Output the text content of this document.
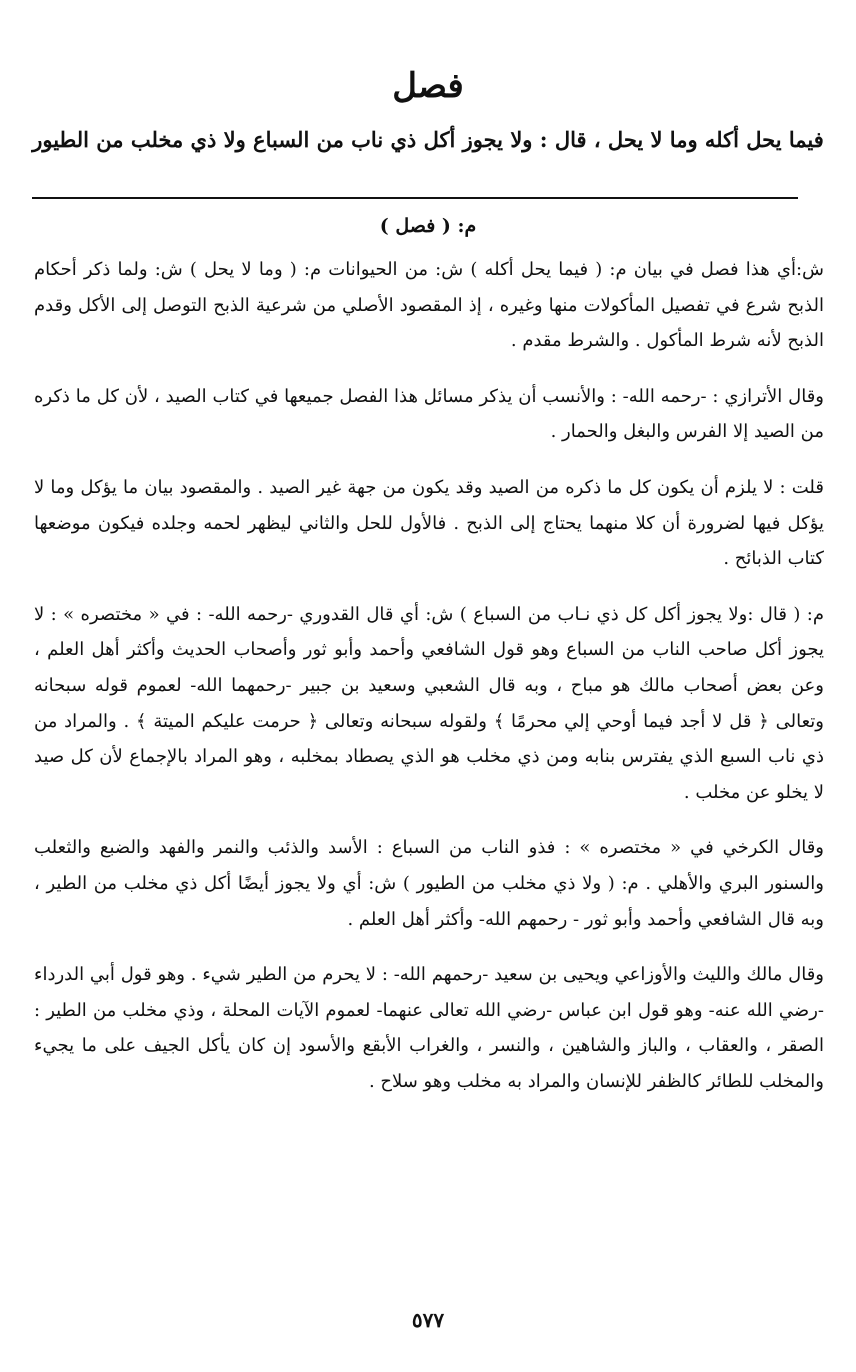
فصل
فيما يحل أكله وما لا يحل ، قال : ولا يجوز أكل ذي ناب من السباع ولا ذي مخلب من الطيور
م: ( فصل )

ش:أي هذا فصل في بيان م: ( فيما يحل أكله ) ش: من الحيوانات م: ( وما لا يحل ) ش: ولما ذكر أحكام الذبح شرع في تفصيل المأكولات منها وغيره ، إذ المقصود الأصلي من شرعية الذبح التوصل إلى الأكل وقدم الذبح لأنه شرط المأكول . والشرط مقدم .

وقال الأترازي : -رحمه الله- : والأنسب أن يذكر مسائل هذا الفصل جميعها في كتاب الصيد ، لأن كل ما ذكره من الصيد إلا الفرس والبغل والحمار .

قلت : لا يلزم أن يكون كل ما ذكره من الصيد وقد يكون من جهة غير الصيد . والمقصود بيان ما يؤكل وما لا يؤكل فيها لضرورة أن كلا منهما يحتاج إلى الذبح . فالأول للحل والثاني ليظهر لحمه وجلده فيكون موضعها كتاب الذبائح .

م: ( قال :ولا يجوز أكل كل ذي نـاب من السباع ) ش: أي قال القدوري -رحمه الله- : في « مختصره » : لا يجوز أكل صاحب الناب من السباع وهو قول الشافعي وأحمد وأبو ثور وأصحاب الحديث وأكثر أهل العلم ، وعن بعض أصحاب مالك هو مباح ، وبه قال الشعبي وسعيد بن جبير -رحمهما الله- لعموم قوله سبحانه وتعالى ﴿ قل لا أجد فيما أوحي إلي محرمًا ﴾ ولقوله سبحانه وتعالى ﴿ حرمت عليكم الميتة ﴾ . والمراد من ذي ناب السبع الذي يفترس بنابه ومن ذي مخلب هو الذي يصطاد بمخلبه ، وهو المراد بالإجماع لأن كل صيد لا يخلو عن مخلب .

وقال الكرخي في « مختصره » : فذو الناب من السباع : الأسد والذئب والنمر والفهد والضبع والثعلب والسنور البري والأهلي . م: ( ولا ذي مخلب من الطيور ) ش: أي ولا يجوز أيضًا أكل ذي مخلب من الطير ، وبه قال الشافعي وأحمد وأبو ثور - رحمهم الله- وأكثر أهل العلم .

وقال مالك والليث والأوزاعي ويحيى بن سعيد -رحمهم الله- : لا يحرم من الطير شيء . وهو قول أبي الدرداء -رضي الله عنه- وهو قول ابن عباس -رضي الله تعالى عنهما- لعموم الآيات المحلة ، وذي مخلب من الطير : الصقر ، والعقاب ، والباز والشاهين ، والنسر ، والغراب الأبقع والأسود إن كان يأكل الجيف على ما يجيء والمخلب للطائر كالظفر للإنسان والمراد به مخلب وهو سلاح .

٥٧٧
